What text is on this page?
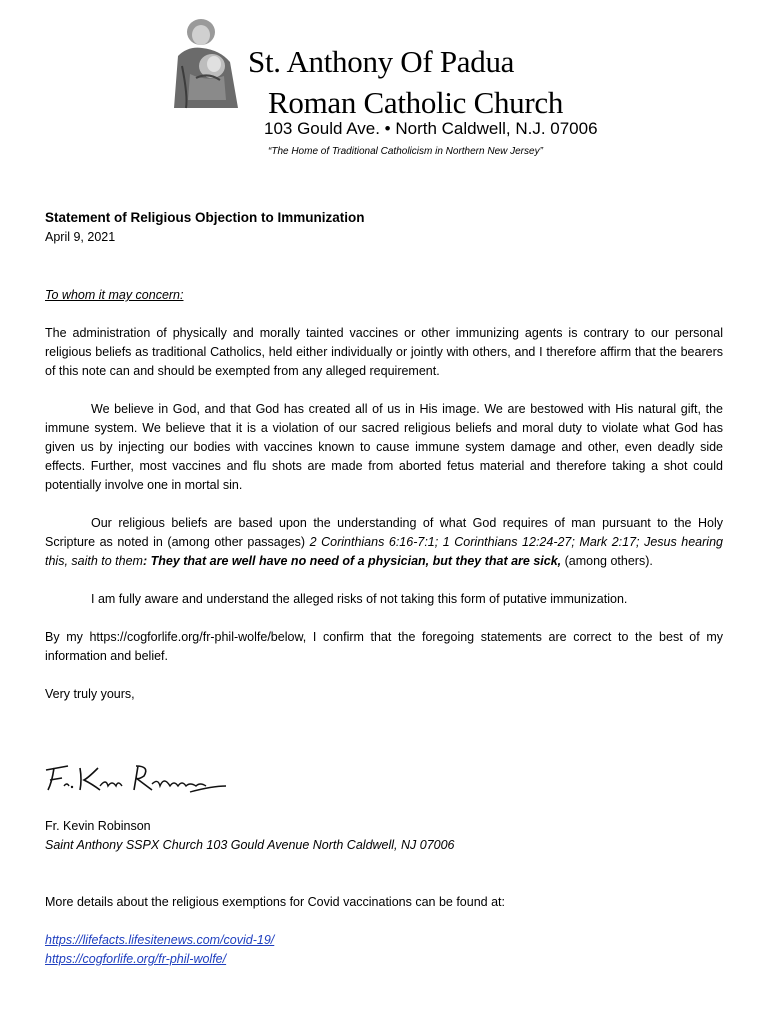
St. Anthony Of Padua
Roman Catholic Church
103 Gould Ave. • North Caldwell, N.J. 07006
“The Home of Traditional Catholicism in Northern New Jersey”

Statement of Religious Objection to Immunization

April 9, 2021

To whom it may concern:

The administration of physically and morally tainted vaccines or other immunizing agents is contrary to our personal religious beliefs as traditional Catholics, held either individually or jointly with others, and I therefore affirm that the bearers of this note can and should be exempted from any alleged requirement.

We believe in God, and that God has created all of us in His image. We are bestowed with His natural gift, the immune system. We believe that it is a violation of our sacred religious beliefs and moral duty to violate what God has given us by injecting our bodies with vaccines known to cause immune system damage and other, even deadly side effects. Further, most vaccines and flu shots are made from aborted fetus material and therefore taking a shot could potentially involve one in mortal sin.

Our religious beliefs are based upon the understanding of what God requires of man pursuant to the Holy Scripture as noted in (among other passages) 2 Corinthians 6:16-7:1; 1 Corinthians 12:24-27; Mark 2:17; Jesus hearing this, saith to them: They that are well have no need of a physician, but they that are sick, (among others).

I am fully aware and understand the alleged risks of not taking this form of putative immunization.

By my https://cogforlife.org/fr-phil-wolfe/below, I confirm that the foregoing statements are correct to the best of my information and belief.

Very truly yours,

Fr. Kevin Robinson
Saint Anthony SSPX Church 103 Gould Avenue North Caldwell, NJ 07006
More details about the religious exemptions for Covid vaccinations can be found at:
https://lifefacts.lifesitenews.com/covid-19/
https://cogforlife.org/fr-phil-wolfe/
